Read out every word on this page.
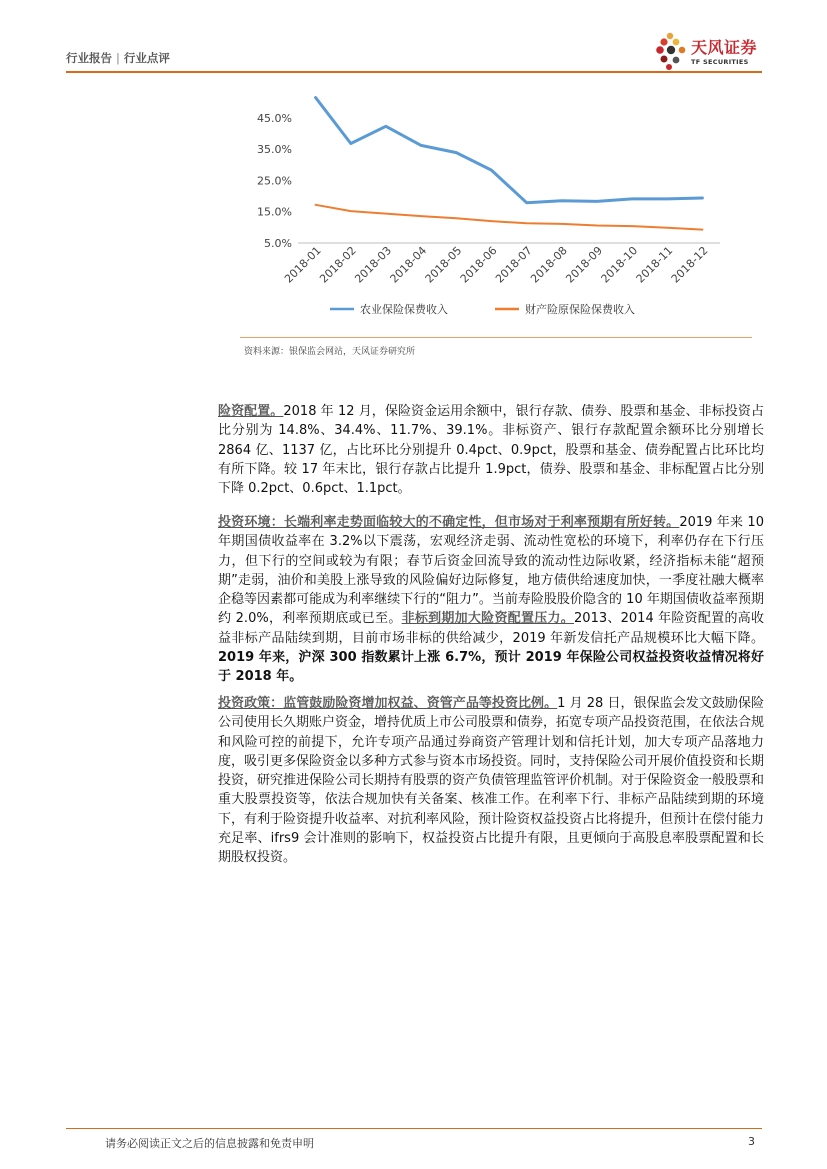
行业报告 | 行业点评
天风证券
TF SECURITIES
5.0%
15.0%
25.0%
35.0%
45.0%
2018-01
2018-02
2018-03
2018-04
2018-05
2018-06
2018-07
2018-08
2018-09
2018-10
2018-11
2018-12
农业保险保费收入	财产险原保险保费收入
资料来源：银保监会网站，天风证券研究所

险资配置。2018 年 12 月，保险资金运用余额中，银行存款、债券、股票和基金、非标投资占比分别为 14.8%、34.4%、11.7%、39.1%。非标资产、银行存款配置余额环比分别增长 2864 亿、1137 亿，占比环比分别提升 0.4pct、0.9pct，股票和基金、债券配置占比环比均有所下降。较 17 年末比，银行存款占比提升 1.9pct，债券、股票和基金、非标配置占比分别下降 0.2pct、0.6pct、1.1pct。

投资环境：长端利率走势面临较大的不确定性，但市场对于利率预期有所好转。2019 年来 10 年期国债收益率在 3.2%以下震荡，宏观经济走弱、流动性宽松的环境下，利率仍存在下行压力，但下行的空间或较为有限；春节后资金回流导致的流动性边际收紧，经济指标未能“超预期”走弱，油价和美股上涨导致的风险偏好边际修复，地方债供给速度加快，一季度社融大概率企稳等因素都可能成为利率继续下行的“阻力”。当前寿险股股价隐含的 10 年期国债收益率预期约 2.0%，利率预期底或已至。非标到期加大险资配置压力。2013、2014 年险资配置的高收益非标产品陆续到期，目前市场非标的供给减少，2019 年新发信托产品规模环比大幅下降。2019 年来，沪深 300 指数累计上涨 6.7%，预计 2019 年保险公司权益投资收益情况将好于 2018 年。

投资政策：监管鼓励险资增加权益、资管产品等投资比例。1 月 28 日，银保监会发文鼓励保险公司使用长久期账户资金，增持优质上市公司股票和债券，拓宽专项产品投资范围，在依法合规和风险可控的前提下，允许专项产品通过券商资产管理计划和信托计划，加大专项产品落地力度，吸引更多保险资金以多种方式参与资本市场投资。同时，支持保险公司开展价值投资和长期投资，研究推进保险公司长期持有股票的资产负债管理监管评价机制。对于保险资金一般股票和重大股票投资等，依法合规加快有关备案、核准工作。在利率下行、非标产品陆续到期的环境下，有利于险资提升收益率、对抗利率风险，预计险资权益投资占比将提升，但预计在偿付能力充足率、ifrs9 会计准则的影响下，权益投资占比提升有限，且更倾向于高股息率股票配置和长期股权投资。

请务必阅读正文之后的信息披露和免责申明	3
